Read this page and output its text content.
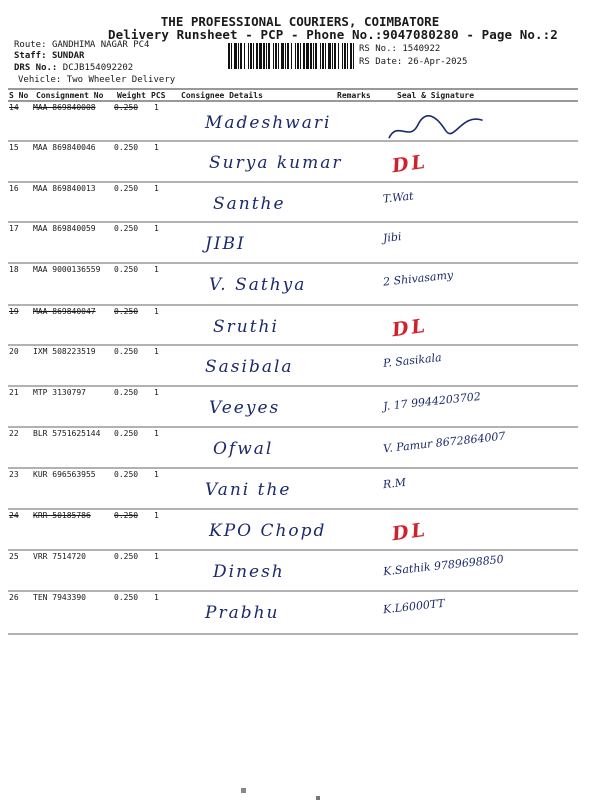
THE PROFESSIONAL COURIERS, COIMBATORE
Delivery Runsheet - PCP - Phone No.:9047080280 - Page No.:2
Route: GANDHIMA NAGAR PC4
Staff: SUNDAR
DRS No.: DCJB154092202
Vehicle: Two Wheeler Delivery
RS No.: 1540922
RS Date: 26-Apr-2025
S No Consignment No Weight PCS Consignee Details	Remarks	Seal & Signature
14 MAA 869840008 0.250 1
Madeshwari
15 MAA 869840046 0.250 1
Surya kumar	DL
16 MAA 869840013 0.250 1
Santhe	T.Wat
17 MAA 869840059 0.250 1
JIBI	Jibi
18 MAA 9000136559 0.250 1
V. Sathya	2 Shivasamy
19 MAA 869840047 0.250 1
Sruthi	DL
20 IXM 508223519 0.250 1
Sasibala	P. Sasikala
21 MTP 3130797	0.250 1
Veeyes	J. 17 9944203702
22 BLR 5751625144 0.250 1
Ofwal	V. Pamur 8672864007
23 KUR 696563955 0.250 1
Vani the	R.M
24 KRR 50185786	0.250 1
KPO Chopd	DL
25 VRR 7514720	0.250 1
Dinesh	K.Sathik 9789698850
26 TEN 7943390	0.250 1
Prabhu	K.L6000TT
